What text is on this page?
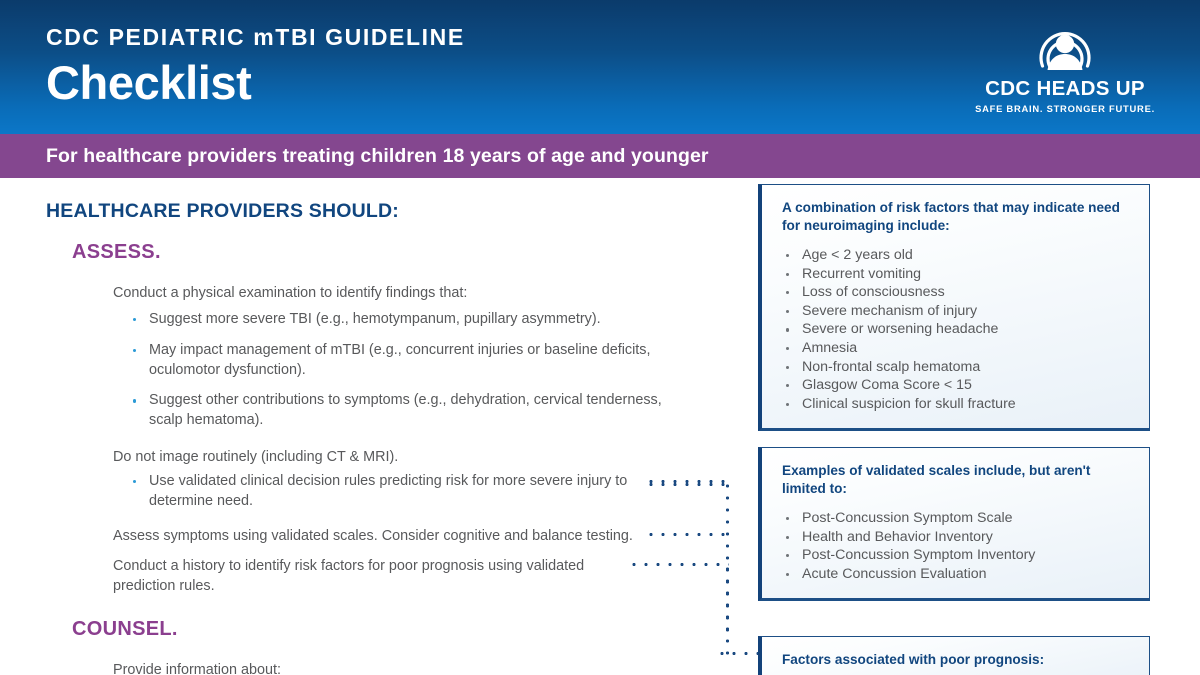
CDC PEDIATRIC mTBI GUIDELINE
Checklist	CDC HEADS UP
SAFE BRAIN. STRONGER FUTURE.
For healthcare providers treating children 18 years of age and younger
HEALTHCARE PROVIDERS SHOULD:
ASSESS.
Conduct a physical examination to identify findings that:
Suggest more severe TBI (e.g., hemotympanum, pupillary asymmetry).
May impact management of mTBI (e.g., concurrent injuries or baseline deficits, oculomotor dysfunction).
Suggest other contributions to symptoms (e.g., dehydration, cervical tenderness, scalp hematoma).
Do not image routinely (including CT & MRI).
Use validated clinical decision rules predicting risk for more severe injury to determine need.
Assess symptoms using validated scales. Consider cognitive and balance testing.
Conduct a history to identify risk factors for poor prognosis using validated prediction rules.
COUNSEL.
Provide information about:
A combination of risk factors that may indicate need for neuroimaging include:
Age < 2 years old
Recurrent vomiting
Loss of consciousness
Severe mechanism of injury
Severe or worsening headache
Amnesia
Non-frontal scalp hematoma
Glasgow Coma Score < 15
Clinical suspicion for skull fracture
Examples of validated scales include, but aren't limited to:
Post-Concussion Symptom Scale
Health and Behavior Inventory
Post-Concussion Symptom Inventory
Acute Concussion Evaluation
Factors associated with poor prognosis:
